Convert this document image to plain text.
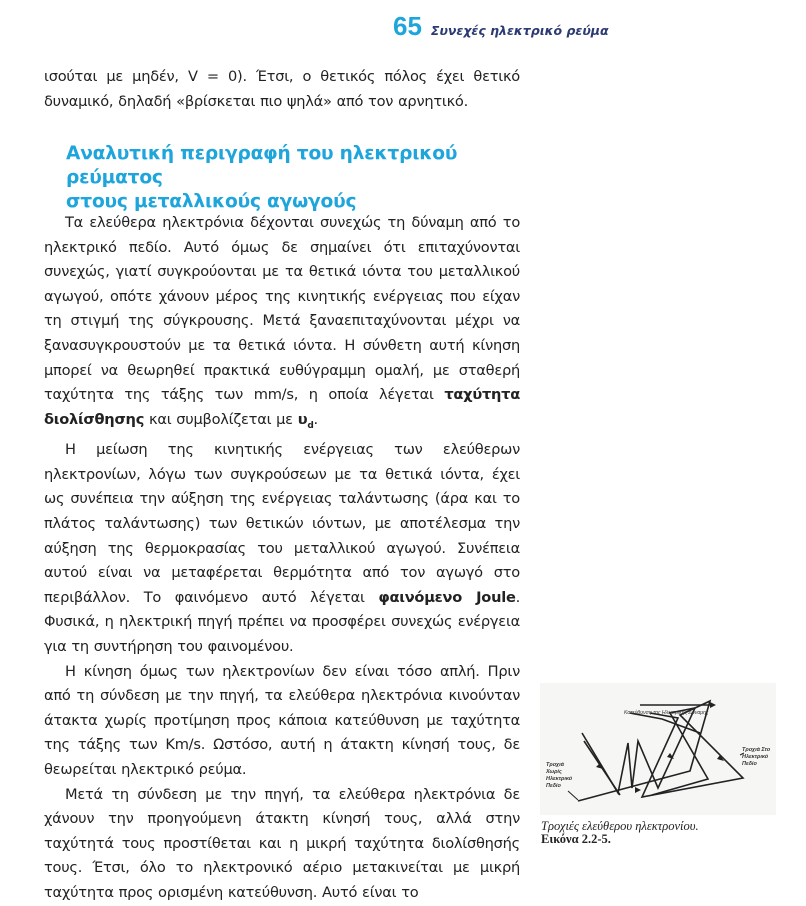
65 Συνεχές ηλεκτρικό ρεύμα

ισούται με μηδέν, V = 0). Έτσι, ο θετικός πόλος έχει θετικό δυναμικό, δηλαδή «βρίσκεται πιο ψηλά» από τον αρνητικό.

Αναλυτική περιγραφή του ηλεκτρικού ρεύματος
στους μεταλλικούς αγωγούς

Τα ελεύθερα ηλεκτρόνια δέχονται συνεχώς τη δύναμη από το ηλεκτρικό πεδίο. Αυτό όμως δε σημαίνει ότι επιταχύνονται συνεχώς, γιατί συγκρούονται με τα θετικά ιόντα του μεταλλικού αγωγού, οπότε χάνουν μέρος της κινητικής ενέργειας που είχαν τη στιγμή της σύγκρουσης. Μετά ξαναεπιταχύνονται μέχρι να ξανασυγκρουστούν με τα θετικά ιόντα. Η σύνθετη αυτή κίνηση μπορεί να θεωρηθεί πρακτικά ευθύγραμμη ομαλή, με σταθερή ταχύτητα της τάξης των mm/s, η οποία λέγεται ταχύτητα διολίσθησης και συμβολίζεται με $\upsilon_d$.

Η μείωση της κινητικής ενέργειας των ελεύθερων ηλεκτρονίων, λόγω των συγκρούσεων με τα θετικά ιόντα, έχει ως συνέπεια την αύξηση της ενέργειας ταλάντωσης (άρα και το πλάτος ταλάντωσης) των θετικών ιόντων, με αποτέλεσμα την αύξηση της θερμοκρασίας του μεταλλικού αγωγού. Συνέπεια αυτού είναι να μεταφέρεται θερμότητα από τον αγωγό στο περιβάλλον. Το φαινόμενο αυτό λέγεται φαινόμενο Joule. Φυσικά, η ηλεκτρική πηγή πρέπει να προσφέρει συνεχώς ενέργεια για τη συντήρηση του φαινομένου.

Η κίνηση όμως των ηλεκτρονίων δεν είναι τόσο απλή. Πριν από τη σύνδεση με την πηγή, τα ελεύθερα ηλεκτρόνια κινούνταν άτακτα χωρίς προτίμηση προς κάποια κατεύθυνση με ταχύτητα της τάξης των Km/s. Ωστόσο, αυτή η άτακτη κίνησή τους, δε θεωρείται ηλεκτρικό ρεύμα.

Μετά τη σύνδεση με την πηγή, τα ελεύθερα ηλεκτρόνια δε χάνουν την προηγούμενη άτακτη κίνησή τους, αλλά στην ταχύτητά τους προστίθεται και η μικρή ταχύτητα διολίσθησής τους. Έτσι, όλο το ηλεκτρονικό αέριο μετακινείται με μικρή ταχύτητα προς ορισμένη κατεύθυνση. Αυτό είναι το

Κατεύθυνση της Ηλεκτρικής Δύναμης
Τροχιά Στο
Ηλεκτρικό
Πεδίο
Τροχιά
Χωρίς
Ηλεκτρικό
Πεδίο
Τροχιές ελεύθερου ηλεκτρονίου.
Εικόνα 2.2-5.
